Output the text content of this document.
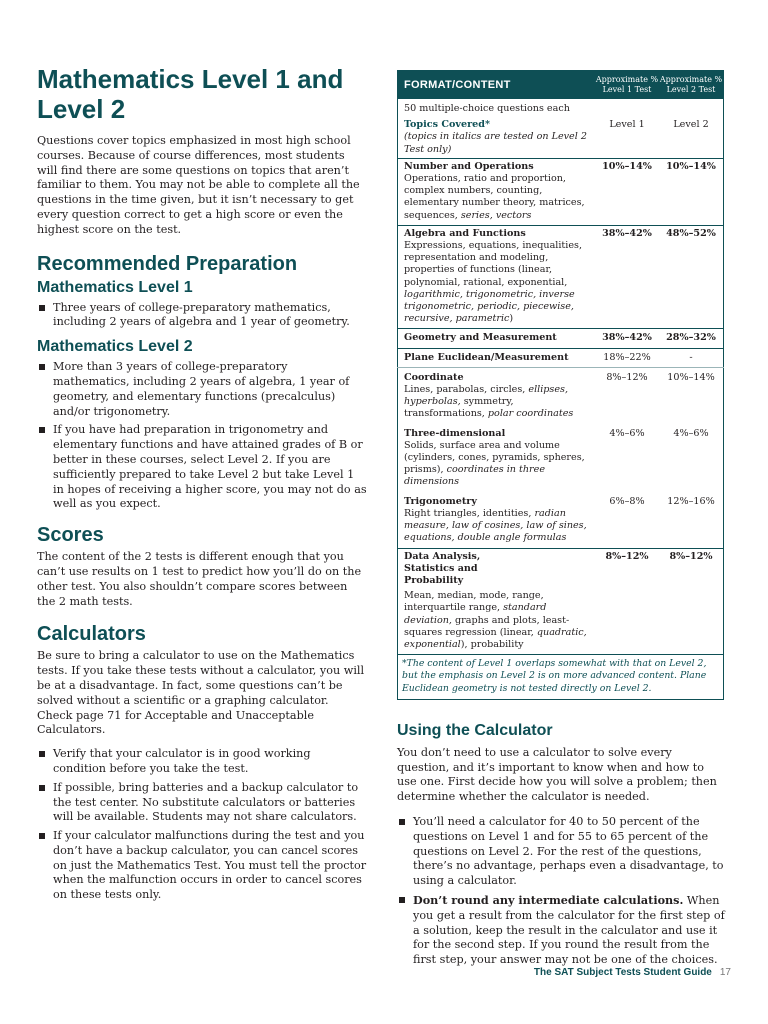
Mathematics Level 1 and Level 2

Questions cover topics emphasized in most high school courses. Because of course differences, most students will find there are some questions on topics that aren’t familiar to them. You may not be able to complete all the questions in the time given, but it isn’t necessary to get every question correct to get a high score or even the highest score on the test.

Recommended Preparation
Mathematics Level 1
Three years of college-preparatory mathematics, including 2 years of algebra and 1 year of geometry.
Mathematics Level 2
More than 3 years of college-preparatory mathematics, including 2 years of algebra, 1 year of geometry, and elementary functions (precalculus) and/or trigonometry.
If you have had preparation in trigonometry and elementary functions and have attained grades of B or better in these courses, select Level 2. If you are sufficiently prepared to take Level 2 but take Level 1 in hopes of receiving a higher score, you may not do as well as you expect.
Scores

The content of the 2 tests is different enough that you can’t use results on 1 test to predict how you’ll do on the other test. You also shouldn’t compare scores between the 2 math tests.

Calculators

Be sure to bring a calculator to use on the Mathematics tests. If you take these tests without a calculator, you will be at a disadvantage. In fact, some questions can’t be solved without a scientific or a graphing calculator. Check page 71 for Acceptable and Unacceptable Calculators.

Verify that your calculator is in good working condition before you take the test.
If possible, bring batteries and a backup calculator to the test center. No substitute calculators or batteries will be available. Students may not share calculators.
If your calculator malfunctions during the test and you don’t have a backup calculator, you can cancel scores on just the Mathematics Test. You must tell the proctor when the malfunction occurs in order to cancel scores on these tests only.
FORMAT/CONTENT	Approximate % Level 1 Test	Approximate % Level 2 Test
50 multiple-choice questions each		
Topics Covered*
(topics in italics are tested on Level 2 Test only)	Level 1	Level 2
Number and Operations
Operations, ratio and proportion, complex numbers, counting, elementary number theory, matrices, sequences, series, vectors	10%–14%	10%–14%
Algebra and Functions
Expressions, equations, inequalities, representation and modeling, properties of functions (linear, polynomial, rational, exponential, logarithmic, trigonometric, inverse trigonometric, periodic, piecewise, recursive, parametric)	38%–42%	48%–52%
Geometry and Measurement	38%–42%	28%–32%
Plane Euclidean/Measurement	18%–22%	-
Coordinate
Lines, parabolas, circles, ellipses, hyperbolas, symmetry, transformations, polar coordinates	8%–12%	10%–14%
Three-dimensional
Solids, surface area and volume (cylinders, cones, pyramids, spheres, prisms), coordinates in three dimensions	4%–6%	4%–6%
Trigonometry
Right triangles, identities, radian measure, law of cosines, law of sines, equations, double angle formulas	6%–8%	12%–16%

Data Analysis, Statistics and Probability
Mean, median, mode, range, interquartile range, standard deviation, graphs and plots, least-squares regression (linear, quadratic, exponential), probability	8%–12%	8%–12%
*The content of Level 1 overlaps somewhat with that on Level 2, but the emphasis on Level 2 is on more advanced content. Plane Euclidean geometry is not tested directly on Level 2.		
Using the Calculator

You don’t need to use a calculator to solve every question, and it’s important to know when and how to use one. First decide how you will solve a problem; then determine whether the calculator is needed.

You’ll need a calculator for 40 to 50 percent of the questions on Level 1 and for 55 to 65 percent of the questions on Level 2. For the rest of the questions, there’s no advantage, perhaps even a disadvantage, to using a calculator.
Don’t round any intermediate calculations. When you get a result from the calculator for the first step of a solution, keep the result in the calculator and use it for the second step. If you round the result from the first step, your answer may not be one of the choices.
The SAT Subject Tests Student Guide 17
